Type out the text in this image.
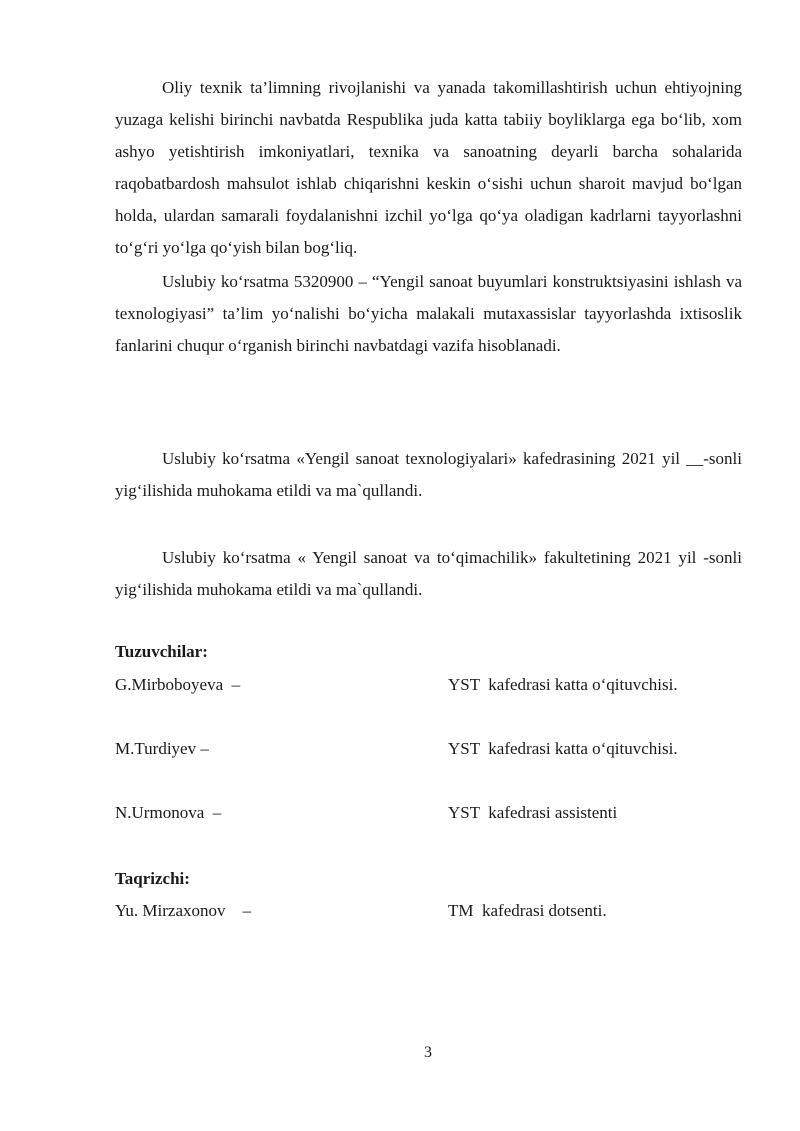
Oliy texnik ta’limning rivojlanishi va yanada takomillashtirish uchun ehtiyojning yuzaga kelishi birinchi navbatda Respublika juda katta tabiiy boyliklarga ega bo‘lib, xom ashyo yetishtirish imkoniyatlari, texnika va sanoatning deyarli barcha sohalarida raqobatbardosh mahsulot ishlab chiqarishni keskin o‘sishi uchun sharoit mavjud bo‘lgan holda, ulardan samarali foydalanishni izchil yo‘lga qo‘ya oladigan kadrlarni tayyorlashni to‘g‘ri yo‘lga qo‘yish bilan bog‘liq.

Uslubiy ko‘rsatma 5320900 – “Yengil sanoat buyumlari konstruktsiyasini ishlash va texnologiyasi” ta’lim yo‘nalishi bo‘yicha malakali mutaxassislar tayyorlashda ixtisoslik fanlarini chuqur o‘rganish birinchi navbatdagi vazifa hisoblanadi.

Uslubiy ko‘rsatma «Yengil sanoat texnologiyalari» kafedrasining 2021 yil __-sonli yig‘ilishida muhokama etildi va ma`qullandi.

Uslubiy ko‘rsatma « Yengil sanoat va to‘qimachilik» fakultetining 2021 yil -sonli yig‘ilishida muhokama etildi va ma`qullandi.

Tuzuvchilar:
G.Mirboboyeva  –	YST  kafedrasi katta o‘qituvchisi.
M.Turdiyev –	YST  kafedrasi katta o‘qituvchisi.
N.Urmonova  –	YST  kafedrasi assistenti
Taqrizchi:
Yu. Mirzaxonov    –	TM  kafedrasi dotsenti.
3
